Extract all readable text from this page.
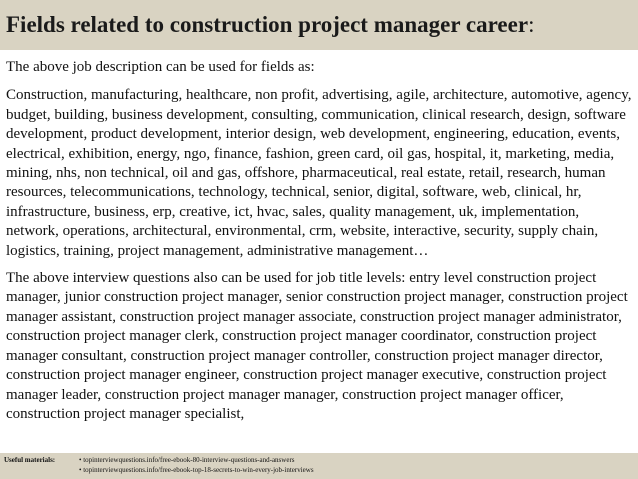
Fields related to construction project manager career:

The above job description can be used for fields as:

Construction, manufacturing, healthcare, non profit, advertising, agile, architecture, automotive, agency, budget, building, business development, consulting, communication, clinical research, design, software development, product development, interior design, web development, engineering, education, events, electrical, exhibition, energy, ngo, finance, fashion, green card, oil gas, hospital, it, marketing, media, mining, nhs, non technical, oil and gas, offshore, pharmaceutical, real estate, retail, research, human resources, telecommunications, technology, technical, senior, digital, software, web, clinical, hr, infrastructure, business, erp, creative, ict, hvac, sales, quality management, uk, implementation, network, operations, architectural, environmental, crm, website, interactive, security, supply chain, logistics, training, project management, administrative management…

The above interview questions also can be used for job title levels: entry level construction project manager, junior construction project manager, senior construction project manager, construction project manager assistant, construction project manager associate, construction project manager administrator, construction project manager clerk, construction project manager coordinator, construction project manager consultant, construction project manager controller, construction project manager director, construction project manager engineer, construction project manager executive, construction project manager leader, construction project manager manager, construction project manager officer, construction project manager specialist,

Useful materials:	• topinterviewquestions.info/free-ebook-80-interview-questions-and-answers
• topinterviewquestions.info/free-ebook-top-18-secrets-to-win-every-job-interviews
